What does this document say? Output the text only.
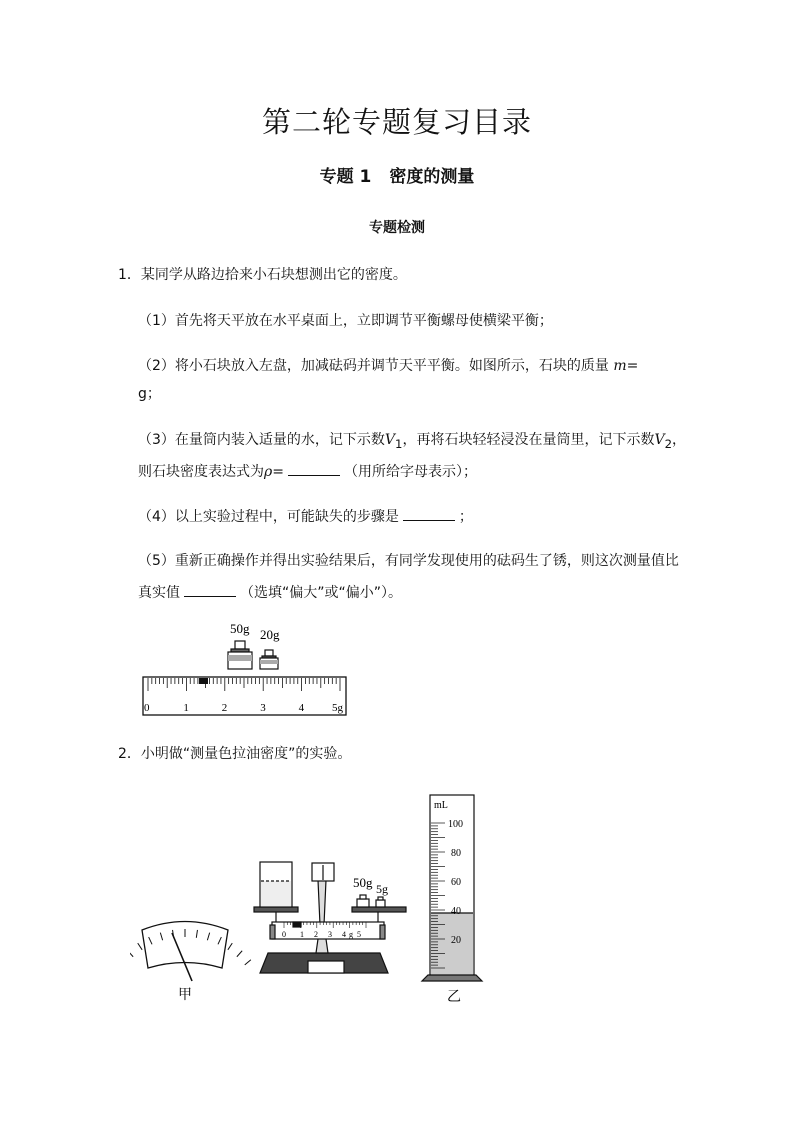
第二轮专题复习目录
专题 1 密度的测量
专题检测
1．某同学从路边拾来小石块想测出它的密度。
（1）首先将天平放在水平桌面上，立即调节平衡螺母使横梁平衡；
（2）将小石块放入左盘，加减砝码并调节天平平衡。如图所示，石块的质量 m=
g；
（3）在量筒内装入适量的水，记下示数$V_1$，再将石块轻轻浸没在量筒里，记下示数$V_2$，
则石块密度表达式为ρ=	（用所给字母表示）；
（4）以上实验过程中，可能缺失的步骤是	；
（5）重新正确操作并得出实验结果后，有同学发现使用的砝码生了锈，则这次测量值比
真实值	（选填“偏大”或“偏小”）。
50g 20g
0	1	2	3	4	5g
2．小明做“测量色拉油密度”的实验。
甲
0 1 2 3 4 g 5
50g 5g
mL
100
80
60
40
20
乙
